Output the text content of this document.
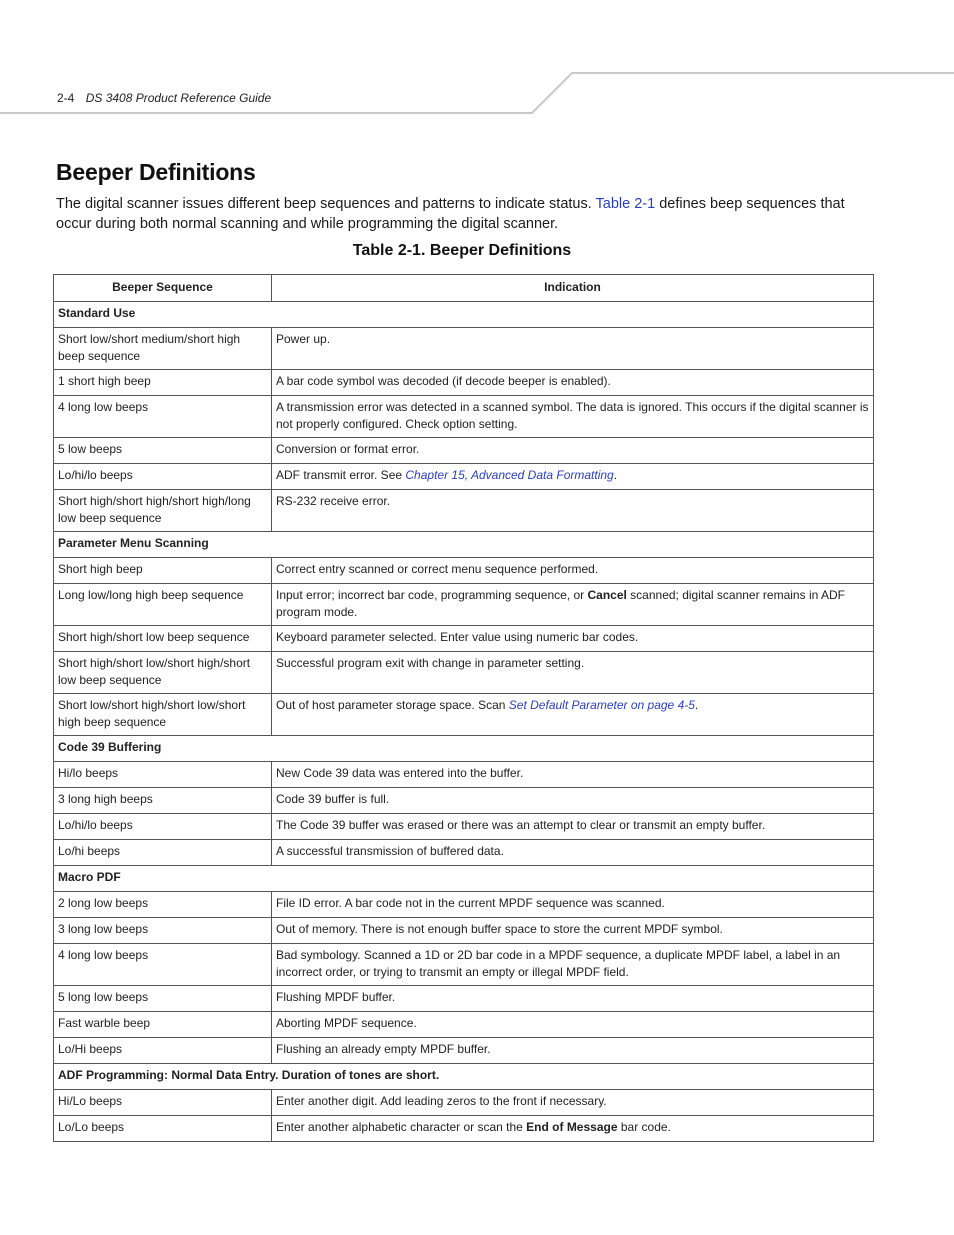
2-4 DS 3408 Product Reference Guide
Beeper Definitions

The digital scanner issues different beep sequences and patterns to indicate status. Table 2-1 defines beep sequences that occur during both normal scanning and while programming the digital scanner.

Table 2-1. Beeper Definitions
Beeper Sequence	Indication
Standard Use	
Short low/short medium/short high beep sequence	Power up.
1 short high beep	A bar code symbol was decoded (if decode beeper is enabled).
4 long low beeps	A transmission error was detected in a scanned symbol. The data is ignored. This occurs if the digital scanner is not properly configured. Check option setting.
5 low beeps	Conversion or format error.
Lo/hi/lo beeps	ADF transmit error. See Chapter 15, Advanced Data Formatting.
Short high/short high/short high/long low beep sequence	RS-232 receive error.
Parameter Menu Scanning	
Short high beep	Correct entry scanned or correct menu sequence performed.
Long low/long high beep sequence	Input error; incorrect bar code, programming sequence, or Cancel scanned; digital scanner remains in ADF program mode.
Short high/short low beep sequence	Keyboard parameter selected. Enter value using numeric bar codes.
Short high/short low/short high/short low beep sequence	Successful program exit with change in parameter setting.
Short low/short high/short low/short high beep sequence	Out of host parameter storage space. Scan Set Default Parameter on page 4-5.
Code 39 Buffering	
Hi/lo beeps	New Code 39 data was entered into the buffer.
3 long high beeps	Code 39 buffer is full.
Lo/hi/lo beeps	The Code 39 buffer was erased or there was an attempt to clear or transmit an empty buffer.
Lo/hi beeps	A successful transmission of buffered data.
Macro PDF	
2 long low beeps	File ID error. A bar code not in the current MPDF sequence was scanned.
3 long low beeps	Out of memory. There is not enough buffer space to store the current MPDF symbol.
4 long low beeps	Bad symbology. Scanned a 1D or 2D bar code in a MPDF sequence, a duplicate MPDF label, a label in an incorrect order, or trying to transmit an empty or illegal MPDF field.
5 long low beeps	Flushing MPDF buffer.
Fast warble beep	Aborting MPDF sequence.
Lo/Hi beeps	Flushing an already empty MPDF buffer.
ADF Programming: Normal Data Entry. Duration of tones are short.	
Hi/Lo beeps	Enter another digit. Add leading zeros to the front if necessary.
Lo/Lo beeps	Enter another alphabetic character or scan the End of Message bar code.
